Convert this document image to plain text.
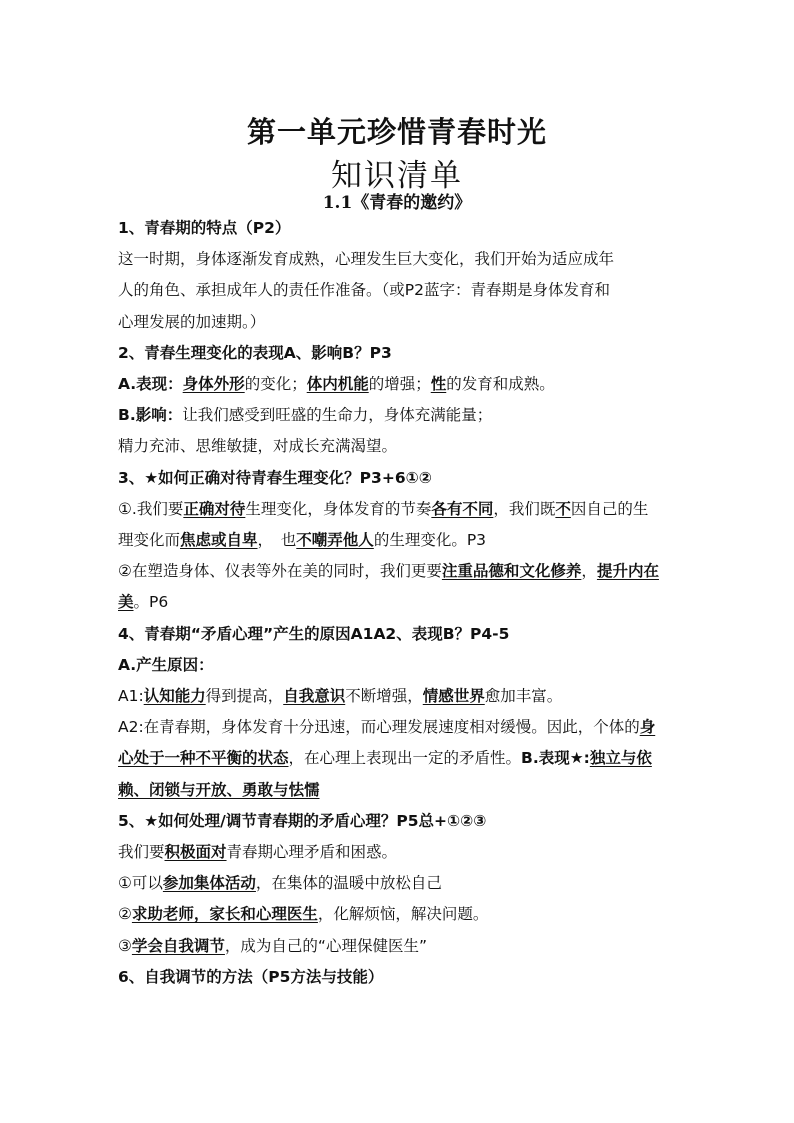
第一单元珍惜青春时光
知识清单
1.1《青春的邀约》
1、青春期的特点（P2）
这一时期，身体逐渐发育成熟，心理发生巨大变化，我们开始为适应成年
人的角色、承担成年人的责任作准备。（或P2蓝字：青春期是身体发育和
心理发展的加速期。）
2、青春生理变化的表现A、影响B？P3
A.表现：身体外形的变化；体内机能的增强；性的发育和成熟。
B.影响：让我们感受到旺盛的生命力，身体充满能量；
精力充沛、思维敏捷，对成长充满渴望。
3、★如何正确对待青春生理变化？P3+6①②
①.我们要正确对待生理变化，身体发育的节奏各有不同，我们既不因自己的生
理变化而焦虑或自卑，　也不嘲弄他人的生理变化。P3
②在塑造身体、仪表等外在美的同时，我们更要注重品德和文化修养，提升内在
美。P6
4、青春期“矛盾心理”产生的原因A1A2、表现B？P4-5
A.产生原因：
A1:认知能力得到提高，自我意识不断增强，情感世界愈加丰富。
A2:在青春期，身体发育十分迅速，而心理发展速度相对缓慢。因此，个体的身
心处于一种不平衡的状态，在心理上表现出一定的矛盾性。B.表现★:独立与依
赖、闭锁与开放、勇敢与怯懦
5、★如何处理/调节青春期的矛盾心理？P5总+①②③
我们要积极面对青春期心理矛盾和困惑。
①可以参加集体活动，在集体的温暖中放松自己
②求助老师，家长和心理医生，化解烦恼，解决问题。
③学会自我调节，成为自己的“心理保健医生”
6、自我调节的方法（P5方法与技能）
